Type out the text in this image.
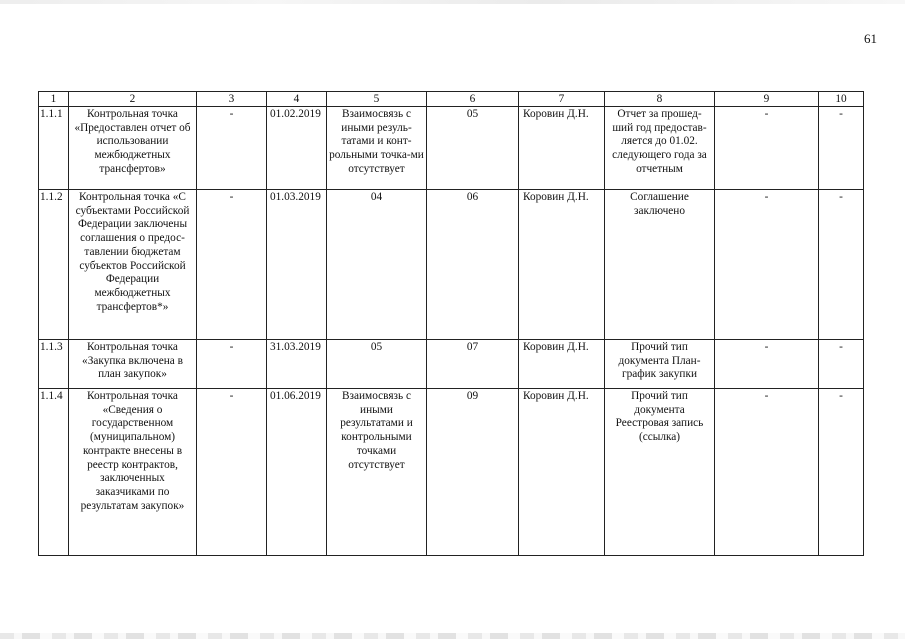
61
1	2	3	4	5	6	7	8	9	10
1.1.1	Контрольная точка «Предоставлен отчет об использовании межбюджетных трансфертов»	-	01.02.2019	Взаимосвязь с иными резуль-татами и конт-рольными точка-ми отсутствует	05	Коровин Д.Н.	Отчет за прошед-ший год предостав-ляется до 01.02. следующего года за отчетным	-	-
1.1.2	Контрольная точка «С субъектами Российской Федерации заключены соглашения о предос-тавлении бюджетам субъектов Российской Федерации межбюджетных трансфертов*»	-	01.03.2019	04	06	Коровин Д.Н.	Соглашение заключено	-	-
1.1.3	Контрольная точка «Закупка включена в план закупок»	-	31.03.2019	05	07	Коровин Д.Н.	Прочий тип документа План-график закупки	-	-
1.1.4	Контрольная точка «Сведения о государственном (муниципальном) контракте внесены в реестр контрактов, заключенных заказчиками по результатам закупок»	-	01.06.2019	Взаимосвязь с иными результатами и контрольными точками отсутствует	09	Коровин Д.Н.	Прочий тип документа Реестровая запись (ссылка)	-	-
